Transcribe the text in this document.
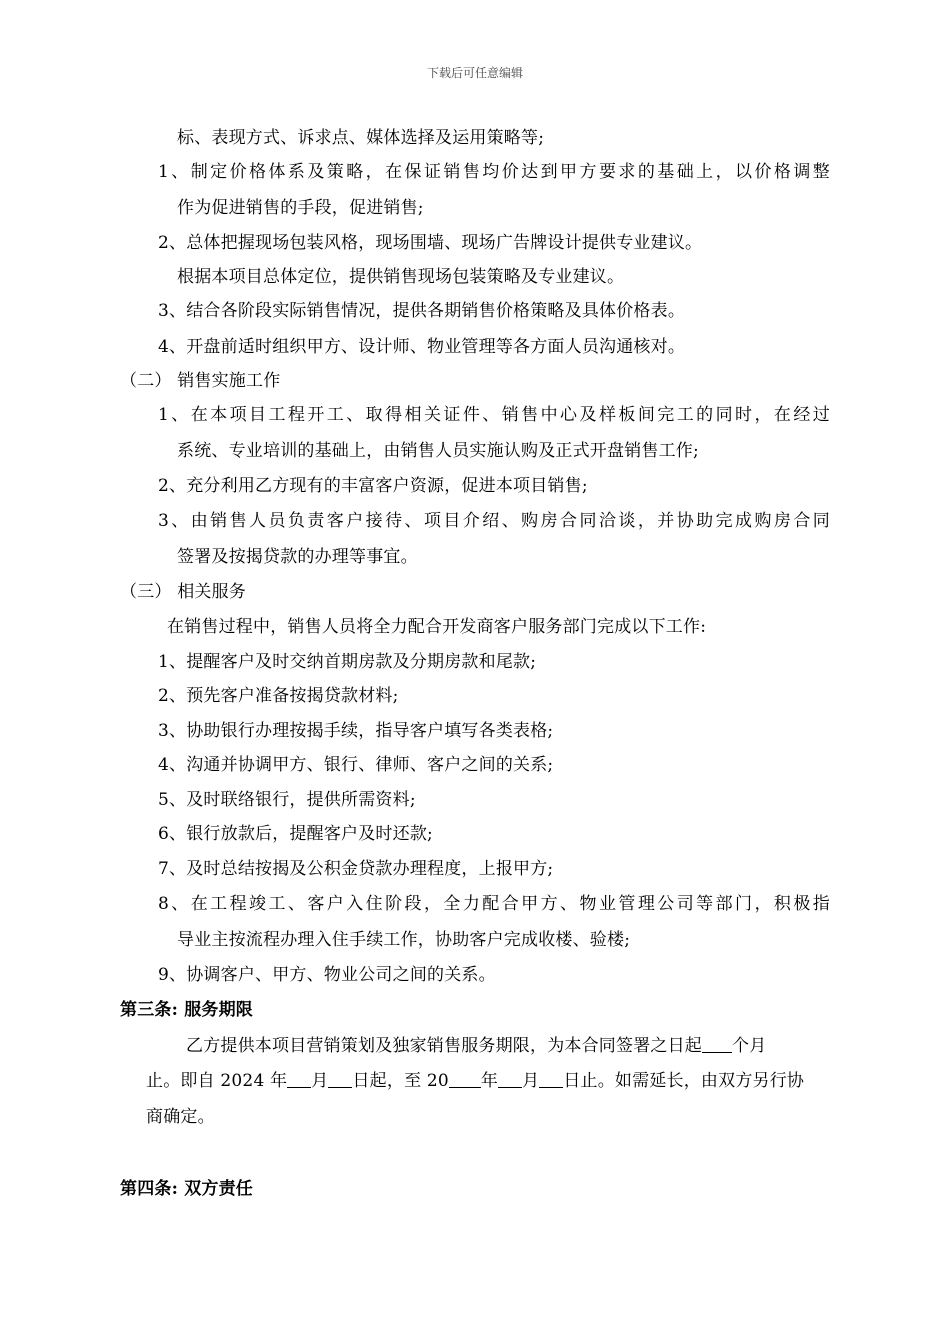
下载后可任意编辑
标、表现方式、诉求点、媒体选择及运用策略等;
1、制定价格体系及策略，在保证销售均价达到甲方要求的基础上，以价格调整
作为促进销售的手段，促进销售;
2、总体把握现场包装风格，现场围墙、现场广告牌设计提供专业建议。
根据本项目总体定位，提供销售现场包装策略及专业建议。
3、结合各阶段实际销售情况，提供各期销售价格策略及具体价格表。
4、开盘前适时组织甲方、设计师、物业管理等各方面人员沟通核对。
（二） 销售实施工作
1、在本项目工程开工、取得相关证件、销售中心及样板间完工的同时，在经过
系统、专业培训的基础上，由销售人员实施认购及正式开盘销售工作;
2、充分利用乙方现有的丰富客户资源，促进本项目销售;
3、由销售人员负责客户接待、项目介绍、购房合同洽谈，并协助完成购房合同
签署及按揭贷款的办理等事宜。
（三） 相关服务
在销售过程中，销售人员将全力配合开发商客户服务部门完成以下工作:
1、提醒客户及时交纳首期房款及分期房款和尾款;
2、预先客户准备按揭贷款材料;
3、协助银行办理按揭手续，指导客户填写各类表格;
4、沟通并协调甲方、银行、律师、客户之间的关系;
5、及时联络银行，提供所需资料;
6、银行放款后，提醒客户及时还款;
7、及时总结按揭及公积金贷款办理程度，上报甲方;
8、在工程竣工、客户入住阶段，全力配合甲方、物业管理公司等部门，积极指
导业主按流程办理入住手续工作，协助客户完成收楼、验楼;
9、协调客户、甲方、物业公司之间的关系。
第三条: 服务期限
乙方提供本项目营销策划及独家销售服务期限，为本合同签署之日起 个月
止。即自 2024 年 月 日起，至 20 年 月 日止。如需延长，由双方另行协
商确定。
第四条: 双方责任
